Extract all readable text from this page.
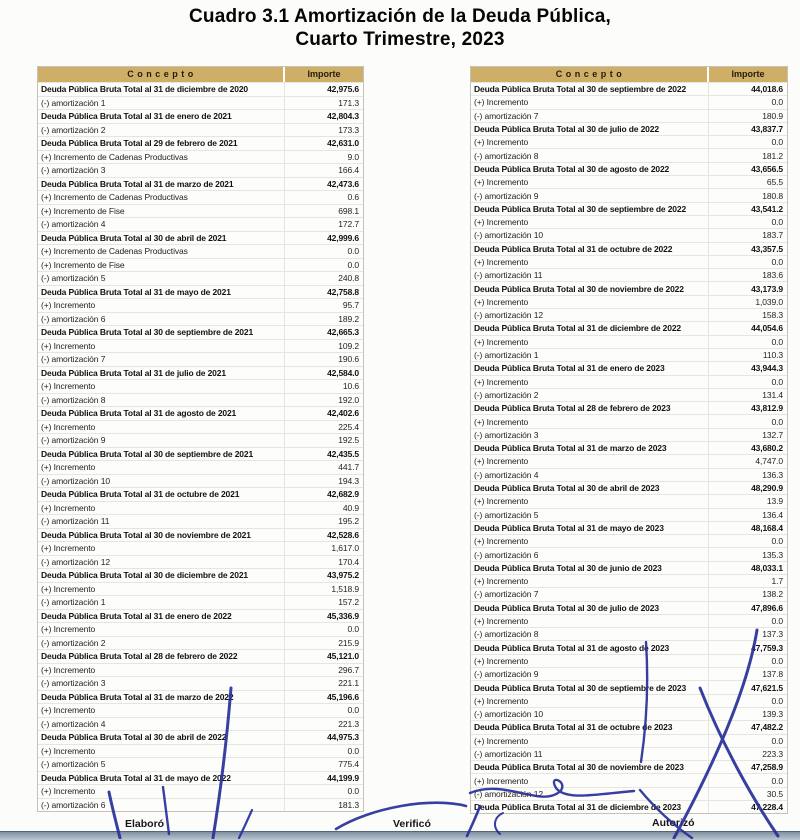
Cuadro 3.1 Amortización de la Deuda Pública,
Cuarto Trimestre, 2023
C o n c e p t o	Importe
Deuda Pública Bruta Total al 31 de diciembre de 2020	42,975.6
(-) amortización 1	171.3
Deuda Pública Bruta Total al 31 de enero de 2021	42,804.3
(-) amortización 2	173.3
Deuda Pública Bruta Total al 29 de febrero de 2021	42,631.0
(+) Incremento de Cadenas Productivas	9.0
(-) amortización 3	166.4
Deuda Pública Bruta Total al 31 de marzo de 2021	42,473.6
(+) Incremento de Cadenas Productivas	0.6
(+) Incremento de Fise	698.1
(-) amortización 4	172.7
Deuda Pública Bruta Total al 30 de abril de 2021	42,999.6
(+) Incremento de Cadenas Productivas	0.0
(+) Incremento de Fise	0.0
(-) amortización 5	240.8
Deuda Pública Bruta Total al 31 de mayo de 2021	42,758.8
(+) Incremento	95.7
(-) amortización 6	189.2
Deuda Pública Bruta Total al 30 de septiembre de 2021	42,665.3
(+) Incremento	109.2
(-) amortización 7	190.6
Deuda Pública Bruta Total al 31 de julio de 2021	42,584.0
(+) Incremento	10.6
(-) amortización 8	192.0
Deuda Pública Bruta Total al 31 de agosto de 2021	42,402.6
(+) Incremento	225.4
(-) amortización 9	192.5
Deuda Pública Bruta Total al 30 de septiembre de 2021	42,435.5
(+) Incremento	441.7
(-) amortización 10	194.3
Deuda Pública Bruta Total al 31 de octubre de 2021	42,682.9
(+) Incremento	40.9
(-) amortización 11	195.2
Deuda Pública Bruta Total al 30 de noviembre de 2021	42,528.6
(+) Incremento	1,617.0
(-) amortización 12	170.4
Deuda Pública Bruta Total al 30 de diciembre de 2021	43,975.2
(+) Incremento	1,518.9
(-) amortización 1	157.2
Deuda Pública Bruta Total al 31 de enero de 2022	45,336.9
(+) Incremento	0.0
(-) amortización 2	215.9
Deuda Pública Bruta Total al 28 de febrero de 2022	45,121.0
(+) Incremento	296.7
(-) amortización 3	221.1
Deuda Pública Bruta Total al 31 de marzo de 2022	45,196.6
(+) Incremento	0.0
(-) amortización 4	221.3
Deuda Pública Bruta Total al 30 de abril de 2022	44,975.3
(+) Incremento	0.0
(-) amortización 5	775.4
Deuda Pública Bruta Total al 31 de mayo de 2022	44,199.9
(+) Incremento	0.0
(-) amortización 6	181.3
C o n c e p t o	Importe
Deuda Pública Bruta Total al 30 de septiembre de 2022	44,018.6
(+) Incremento	0.0
(-) amortización 7	180.9
Deuda Pública Bruta Total al 30 de julio de 2022	43,837.7
(+) Incremento	0.0
(-) amortización 8	181.2
Deuda Pública Bruta Total al 30 de agosto de 2022	43,656.5
(+) Incremento	65.5
(-) amortización 9	180.8
Deuda Pública Bruta Total al 30 de septiembre de 2022	43,541.2
(+) Incremento	0.0
(-) amortización 10	183.7
Deuda Pública Bruta Total al 31 de octubre de 2022	43,357.5
(+) Incremento	0.0
(-) amortización 11	183.6
Deuda Pública Bruta Total al 30 de noviembre de 2022	43,173.9
(+) Incremento	1,039.0
(-) amortización 12	158.3
Deuda Pública Bruta Total al 31 de diciembre de 2022	44,054.6
(+) Incremento	0.0
(-) amortización 1	110.3
Deuda Pública Bruta Total al 31 de enero de 2023	43,944.3
(+) Incremento	0.0
(-) amortización 2	131.4
Deuda Pública Bruta Total al 28 de febrero de 2023	43,812.9
(+) Incremento	0.0
(-) amortización 3	132.7
Deuda Pública Bruta Total al 31 de marzo de 2023	43,680.2
(+) Incremento	4,747.0
(-) amortización 4	136.3
Deuda Pública Bruta Total al 30 de abril de 2023	48,290.9
(+) Incremento	13.9
(-) amortización 5	136.4
Deuda Pública Bruta Total al 31 de mayo de 2023	48,168.4
(+) Incremento	0.0
(-) amortización 6	135.3
Deuda Pública Bruta Total al 30 de junio de 2023	48,033.1
(+) Incremento	1.7
(-) amortización 7	138.2
Deuda Pública Bruta Total al 30 de julio de 2023	47,896.6
(+) Incremento	0.0
(-) amortización 8	137.3
Deuda Pública Bruta Total al 31 de agosto de 2023	47,759.3
(+) Incremento	0.0
(-) amortización 9	137.8
Deuda Pública Bruta Total al 30 de septiembre de 2023	47,621.5
(+) Incremento	0.0
(-) amortización 10	139.3
Deuda Pública Bruta Total al 31 de octubre de 2023	47,482.2
(+) Incremento	0.0
(-) amortización 11	223.3
Deuda Pública Bruta Total al 30 de noviembre de 2023	47,258.9
(+) Incremento	0.0
(-) amortización 12	30.5
Deuda Pública Bruta Total al 31 de diciembre de 2023	47,228.4
Elaboró	Verificó	Autorizó
